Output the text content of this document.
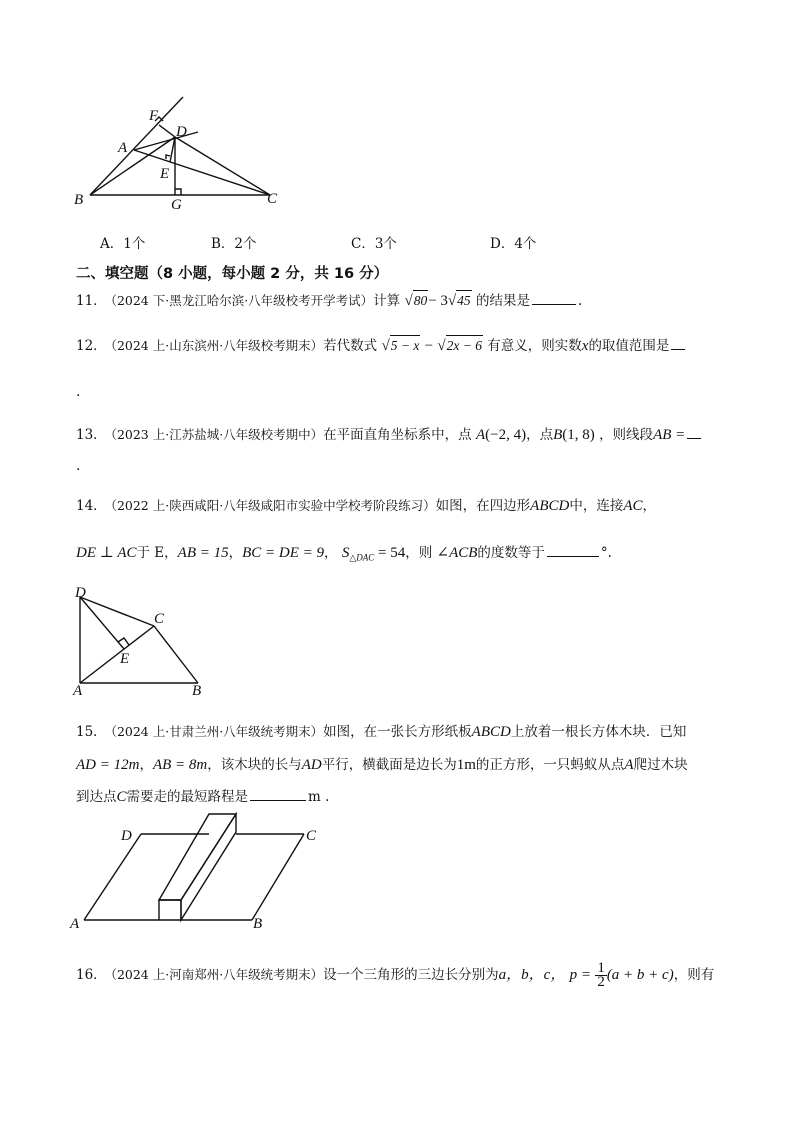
F
D
A
E
B	G	C
A．1个	B．2个	C．3个	D．4个
二、填空题（8 小题，每小题 2 分，共 16 分）
11． （2024 下·黑龙江哈尔滨·八年级校考开学考试）计算 √80− 3√45 的结果是	.
12． （2024 上·山东滨州·八年级校考期末）若代数式 √5 − x − √2x − 6 有意义，则实数x的取值范围是
.
13． （2023 上·江苏盐城·八年级校考期中）在平面直角坐标系中，点 A(−2, 4)，点B(1, 8) ，则线段AB =
.
14． （2022 上·陕西咸阳·八年级咸阳市实验中学校考阶段练习）如图，在四边形ABCD中，连接AC，
DE ⊥ AC于 E，AB = 15，BC = DE = 9， $S_{\triangle DAC} = 54$，则 ∠ACB的度数等于	°.
D
C
E
A	B
15． （2024 上·甘肃兰州·八年级统考期末）如图，在一张长方形纸板ABCD上放着一根长方体木块．已知
AD = 12m，AB = 8m，该木块的长与AD平行，横截面是边长为1m的正方形，一只蚂蚁从点A爬过木块
到达点C需要走的最短路程是	m .
D	C
A	B
16． （2024 上·河南郑州·八年级统考期末）设一个三角形的三边长分别为a，b，c， $p = \frac{1}{2} (a + b + c)$，则有
